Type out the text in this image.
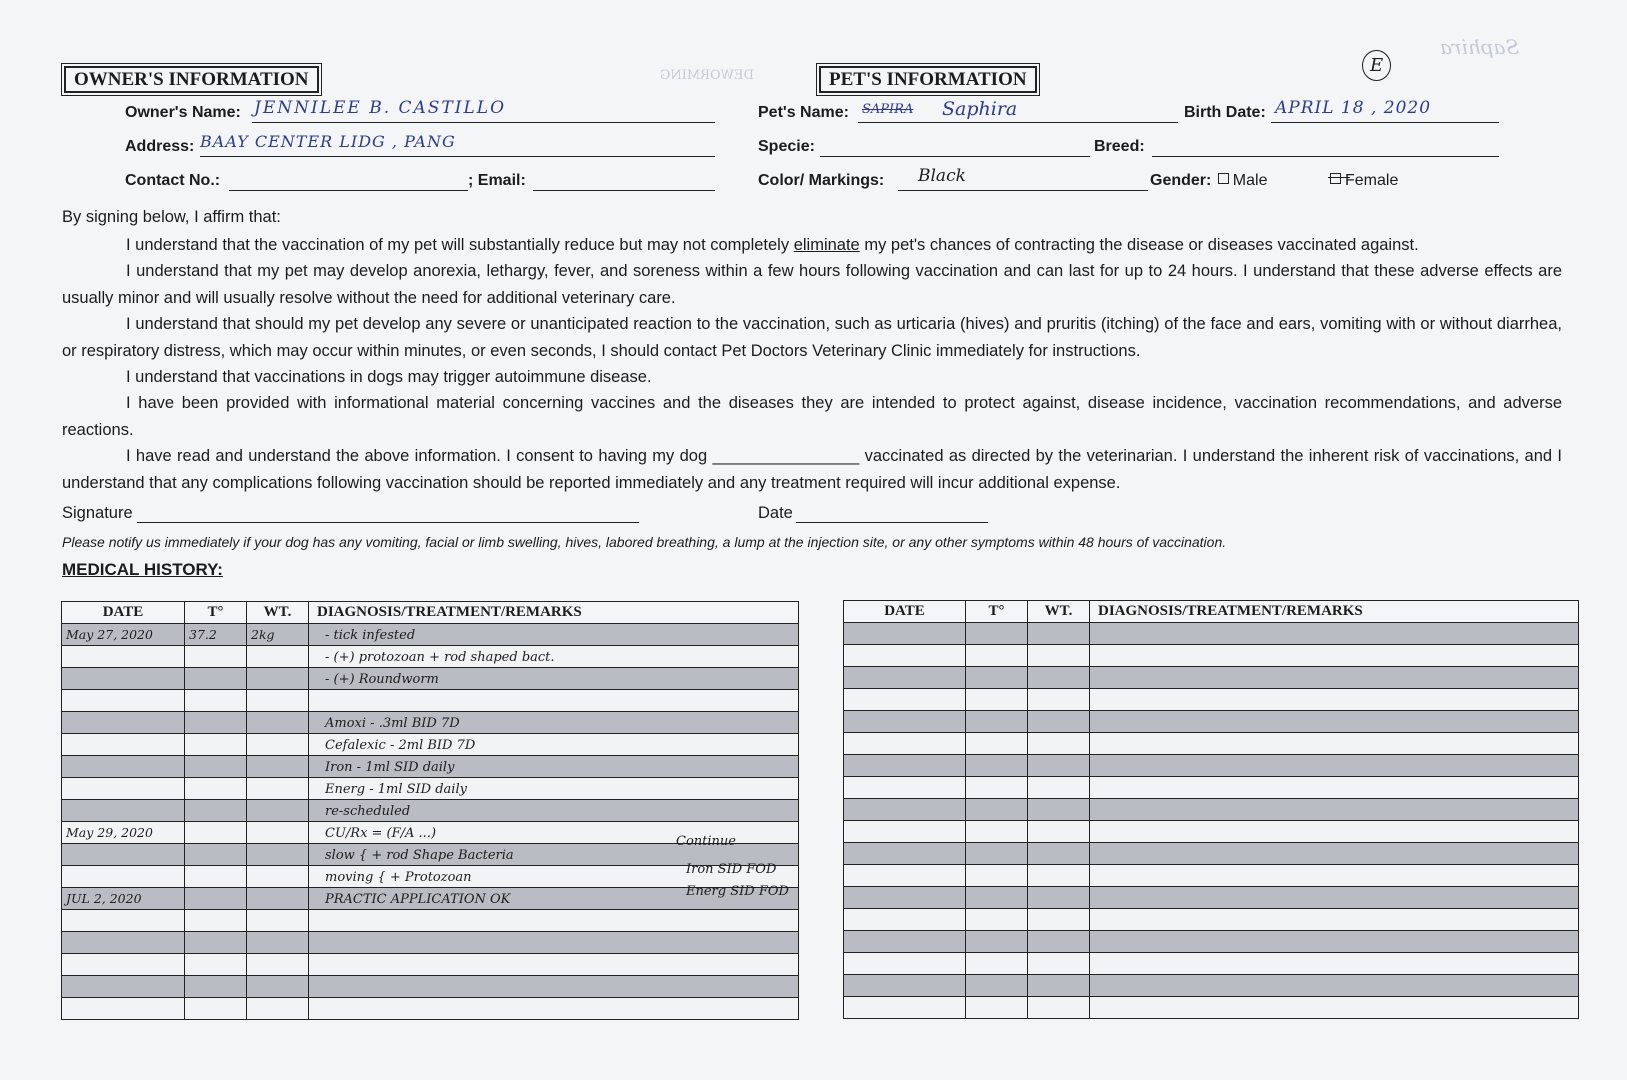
Saphira
DEWORMING
OWNER'S INFORMATION
Owner's Name: JENNILEE B. CASTILLO
Address: BAAY CENTER LIDG , PANG
Contact No.:	; Email:
PET'S INFORMATION
E
Pet's Name: SAPIRA Saphira	Birth Date: APRIL 18 , 2020
Specie:	Breed:
Color/ Markings: Black	Gender: Male	Female
By signing below, I affirm that:
I understand that the vaccination of my pet will substantially reduce but may not completely eliminate my pet's chances of contracting the disease or diseases vaccinated against.
I understand that my pet may develop anorexia, lethargy, fever, and soreness within a few hours following vaccination and can last for up to 24 hours. I understand that these adverse effects are usually minor and will usually resolve without the need for additional veterinary care.
I understand that should my pet develop any severe or unanticipated reaction to the vaccination, such as urticaria (hives) and pruritis (itching) of the face and ears, vomiting with or without diarrhea, or respiratory distress, which may occur within minutes, or even seconds, I should contact Pet Doctors Veterinary Clinic immediately for instructions.
I understand that vaccinations in dogs may trigger autoimmune disease.
I have been provided with informational material concerning vaccines and the diseases they are intended to protect against, disease incidence, vaccination recommendations, and adverse reactions.
I have read and understand the above information. I consent to having my dog ________________ vaccinated as directed by the veterinarian. I understand the inherent risk of vaccinations, and I understand that any complications following vaccination should be reported immediately and any treatment required will incur additional expense.
Signature	Date
Please notify us immediately if your dog has any vomiting, facial or limb swelling, hives, labored breathing, a lump at the injection site, or any other symptoms within 48 hours of vaccination.
MEDICAL HISTORY:
DATE	T°	WT.	DIAGNOSIS/TREATMENT/REMARKS
May 27, 2020	37.2	2kg	- tick infested
			- (+) protozoan + rod shaped bact.
			- (+) Roundworm

			Amoxi - .3ml BID 7D
			Cefalexic - 2ml BID 7D
			Iron - 1ml SID daily
			Energ - 1ml SID daily
			re-scheduled
May 29, 2020			CU/Rx = (F/A ...)
			slow { + rod Shape Bacteria
			moving { + Protozoan
JUL 2, 2020			PRACTIC APPLICATION OK

Continue
Iron SID FOD
Energ SID FOD
DATE	T°	WT.	DIAGNOSIS/TREATMENT/REMARKS
